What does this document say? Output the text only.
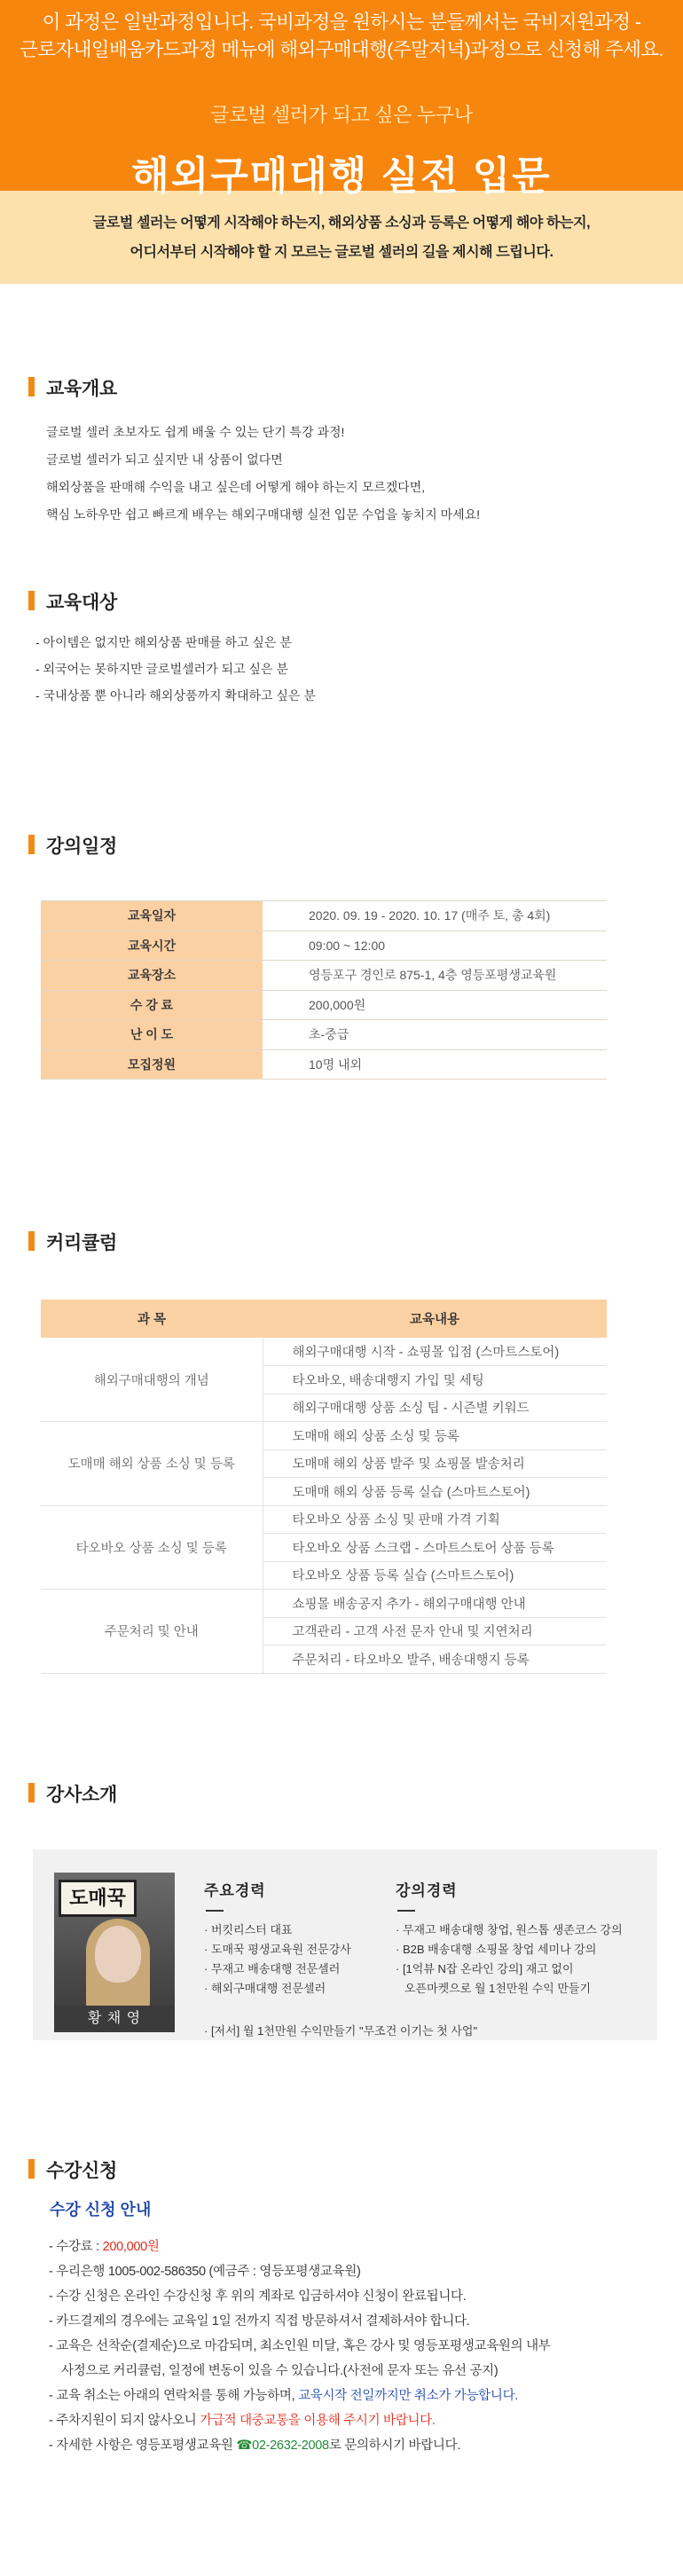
이 과정은 일반과정입니다. 국비과정을 원하시는 분들께서는 국비지원과정 -
근로자내일배움카드과정 메뉴에 해외구매대행(주말저녁)과정으로 신청해 주세요.
글로벌 셀러가 되고 싶은 누구나
해외구매대행 실전 입문
글로벌 셀러는 어떻게 시작해야 하는지, 해외상품 소싱과 등록은 어떻게 해야 하는지,
어디서부터 시작해야 할 지 모르는 글로벌 셀러의 길을 제시해 드립니다.
교육개요
글로벌 셀러 초보자도 쉽게 배울 수 있는 단기 특강 과정!
글로벌 셀러가 되고 싶지만 내 상품이 없다면
해외상품을 판매해 수익을 내고 싶은데 어떻게 해야 하는지 모르겠다면,
핵심 노하우만 쉽고 빠르게 배우는 해외구매대행 실전 입문 수업을 놓치지 마세요!
교육대상
- 아이템은 없지만 해외상품 판매를 하고 싶은 분
- 외국어는 못하지만 글로벌셀러가 되고 싶은 분
- 국내상품 뿐 아니라 해외상품까지 확대하고 싶은 분
강의일정
교육일자	2020. 09. 19 - 2020. 10. 17 (매주 토, 총 4회)
교육시간	09:00 ~ 12:00
교육장소	영등포구 경인로 875-1, 4층 영등포평생교육원
수 강 료	200,000원
난 이 도	초-중급
모집정원	10명 내외
커리큘럼
과 목	교육내용
해외구매대행의 개념	해외구매대행 시작 - 쇼핑몰 입점 (스마트스토어)
	타오바오, 배송대행지 가입 및 세팅
	해외구매대행 상품 소싱 팁 - 시즌별 키워드
도매매 해외 상품 소싱 및 등록	도매매 해외 상품 소싱 및 등록
	도매매 해외 상품 발주 및 쇼핑몰 발송처리
	도매매 해외 상품 등록 실습 (스마트스토어)
타오바오 상품 소싱 및 등록	타오바오 상품 소싱 및 판매 가격 기획
	타오바오 상품 스크랩 - 스마트스토어 상품 등록
	타오바오 상품 등록 실습 (스마트스토어)
주문처리 및 안내	쇼핑몰 배송공지 추가 - 해외구매대행 안내
	고객관리 - 고객 사전 문자 안내 및 지연처리
	주문처리 - 타오바오 발주, 배송대행지 등록
강사소개
도매꾹
황 채 영
주요경력
· 버킷리스터 대표
· 도매꾹 평생교육원 전문강사
· 무재고 배송대행 전문셀러
· 해외구매대행 전문셀러
강의경력
· 무재고 배송대행 창업, 원스톱 생존코스 강의
· B2B 배송대행 쇼핑몰 창업 세미나 강의
· [1억뷰 N잡 온라인 강의] 재고 없이
오픈마켓으로 월 1천만원 수익 만들기
· [저서] 월 1천만원 수익만들기 "무조건 이기는 첫 사업"
수강신청
수강 신청 안내
- 수강료 : 200,000원
- 우리은행 1005-002-586350 (예금주 : 영등포평생교육원)
- 수강 신청은 온라인 수강신청 후 위의 계좌로 입금하셔야 신청이 완료됩니다.
- 카드결제의 경우에는 교육일 1일 전까지 직접 방문하셔서 결제하셔야 합니다.
- 교육은 선착순(결제순)으로 마감되며, 최소인원 미달, 혹은 강사 및 영등포평생교육원의 내부
사정으로 커리큘럼, 일정에 변동이 있을 수 있습니다.(사전에 문자 또는 유선 공지)
- 교육 취소는 아래의 연락처를 통해 가능하며, 교육시작 전일까지만 취소가 가능합니다.
- 주차지원이 되지 않사오니 가급적 대중교통을 이용해 주시기 바랍니다.
- 자세한 사항은 영등포평생교육원 ☎02-2632-2008로 문의하시기 바랍니다.
